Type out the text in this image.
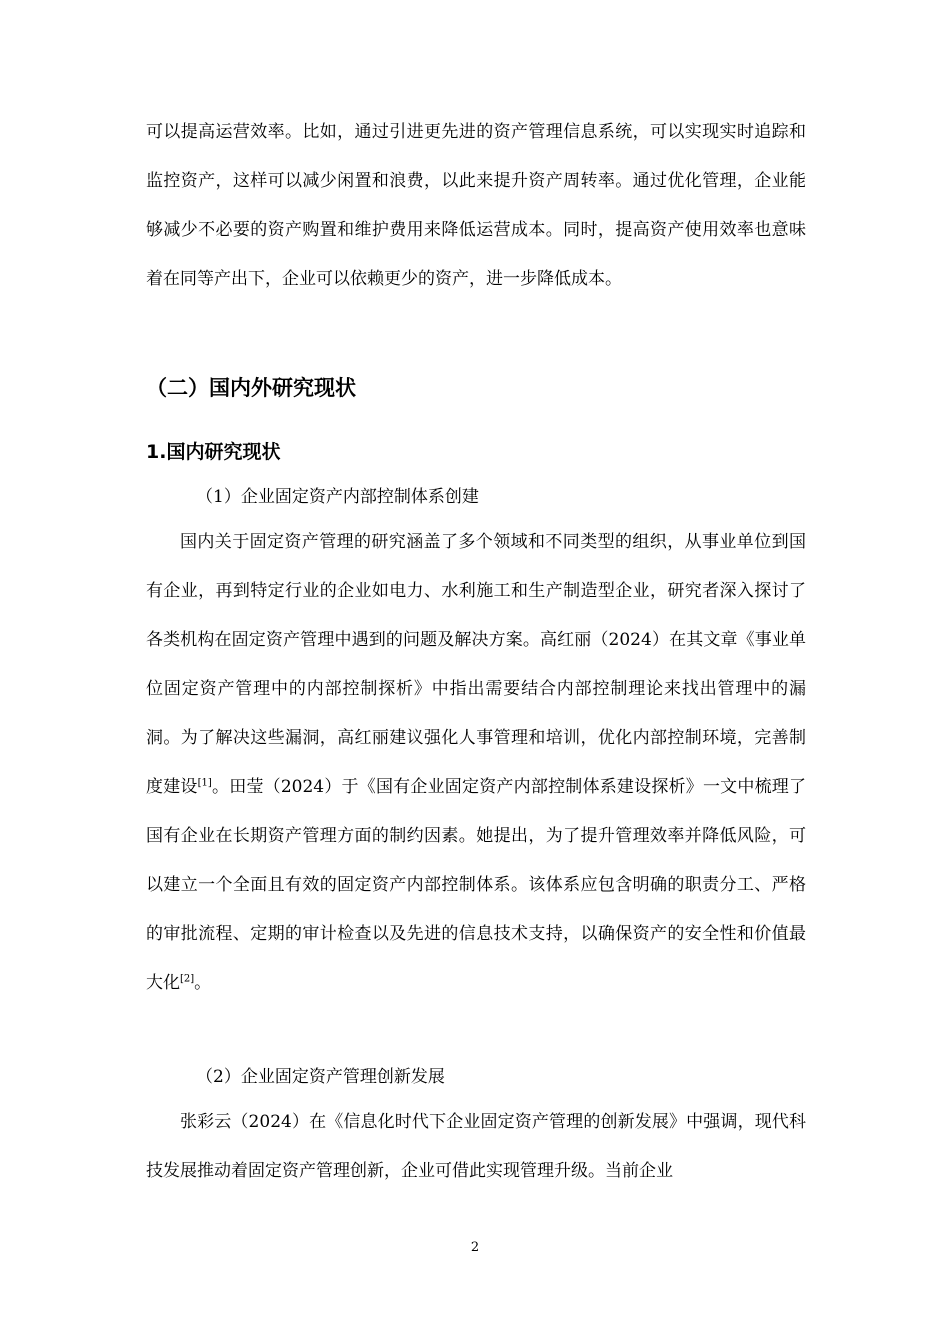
可以提高运营效率。比如，通过引进更先进的资产管理信息系统，可以实现实时追踪和监控资产，这样可以减少闲置和浪费，以此来提升资产周转率。通过优化管理，企业能够减少不必要的资产购置和维护费用来降低运营成本。同时，提高资产使用效率也意味着在同等产出下，企业可以依赖更少的资产，进一步降低成本。

（二）国内外研究现状
1.国内研究现状

（1）企业固定资产内部控制体系创建

国内关于固定资产管理的研究涵盖了多个领域和不同类型的组织，从事业单位到国有企业，再到特定行业的企业如电力、水利施工和生产制造型企业，研究者深入探讨了各类机构在固定资产管理中遇到的问题及解决方案。高红丽（2024）在其文章《事业单位固定资产管理中的内部控制探析》中指出需要结合内部控制理论来找出管理中的漏洞。为了解决这些漏洞，高红丽建议强化人事管理和培训，优化内部控制环境，完善制度建设[1]。田莹（2024）于《国有企业固定资产内部控制体系建设探析》一文中梳理了国有企业在长期资产管理方面的制约因素。她提出，为了提升管理效率并降低风险，可以建立一个全面且有效的固定资产内部控制体系。该体系应包含明确的职责分工、严格的审批流程、定期的审计检查以及先进的信息技术支持，以确保资产的安全性和价值最大化[2]。

（2）企业固定资产管理创新发展

张彩云（2024）在《信息化时代下企业固定资产管理的创新发展》中强调，现代科技发展推动着固定资产管理创新，企业可借此实现管理升级。当前企业

2
